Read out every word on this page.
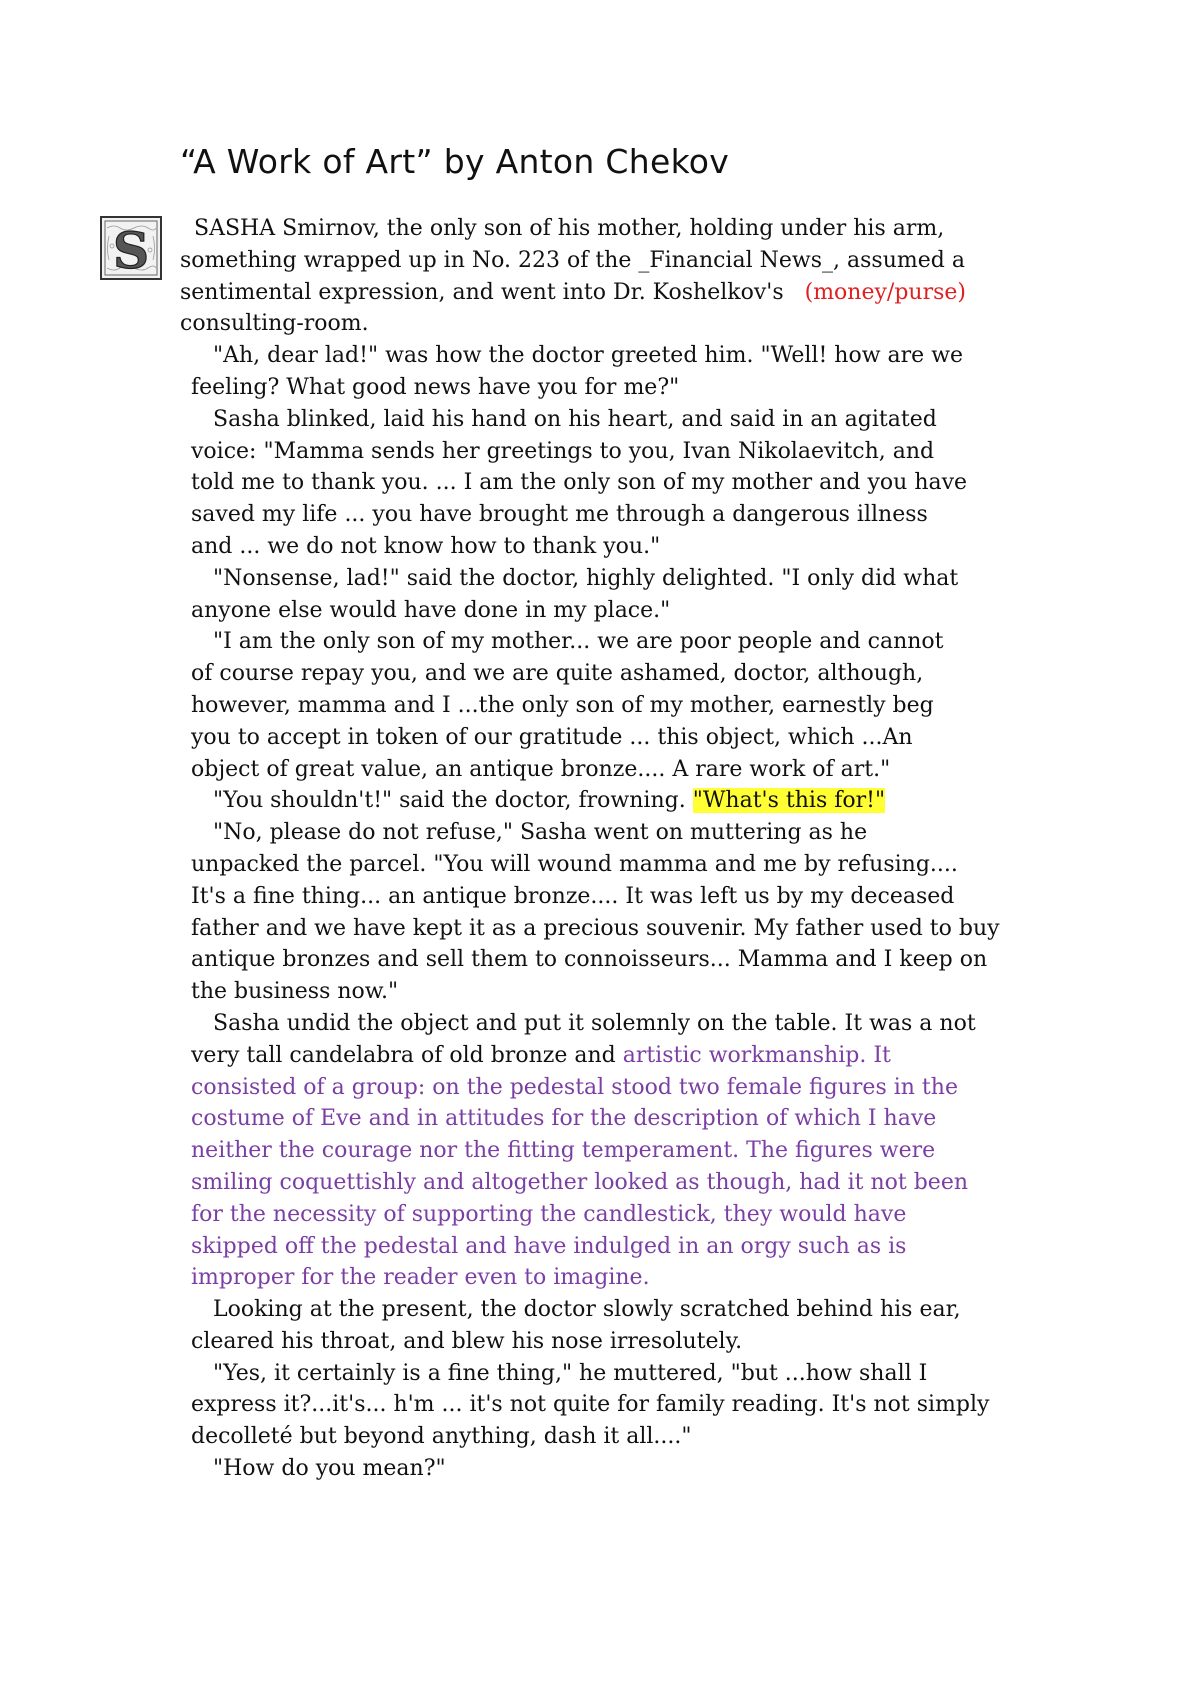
“A Work of Art” by Anton Chekov
S SASHA Smirnov, the only son of his mother, holding under his arm,
something wrapped up in No. 223 of the _Financial News_, assumed a
sentimental expression, and went into Dr. Koshelkov's (money/purse)
consulting-room.
"Ah, dear lad!" was how the doctor greeted him. "Well! how are we
feeling? What good news have you for me?"
Sasha blinked, laid his hand on his heart, and said in an agitated
voice: "Mamma sends her greetings to you, Ivan Nikolaevitch, and
told me to thank you. ... I am the only son of my mother and you have
saved my life ... you have brought me through a dangerous illness
and ... we do not know how to thank you."
"Nonsense, lad!" said the doctor, highly delighted. "I only did what
anyone else would have done in my place."
"I am the only son of my mother... we are poor people and cannot
of course repay you, and we are quite ashamed, doctor, although,
however, mamma and I ...the only son of my mother, earnestly beg
you to accept in token of our gratitude ... this object, which ...An
object of great value, an antique bronze.... A rare work of art."
"You shouldn't!" said the doctor, frowning. "What's this for!"
"No, please do not refuse," Sasha went on muttering as he
unpacked the parcel. "You will wound mamma and me by refusing....
It's a fine thing... an antique bronze.... It was left us by my deceased
father and we have kept it as a precious souvenir. My father used to buy
antique bronzes and sell them to connoisseurs... Mamma and I keep on
the business now."
Sasha undid the object and put it solemnly on the table. It was a not
very tall candelabra of old bronze and artistic workmanship. It
consisted of a group: on the pedestal stood two female figures in the
costume of Eve and in attitudes for the description of which I have
neither the courage nor the fitting temperament. The figures were
smiling coquettishly and altogether looked as though, had it not been
for the necessity of supporting the candlestick, they would have
skipped off the pedestal and have indulged in an orgy such as is
improper for the reader even to imagine.
Looking at the present, the doctor slowly scratched behind his ear,
cleared his throat, and blew his nose irresolutely.
"Yes, it certainly is a fine thing," he muttered, "but ...how shall I
express it?...it's... h'm ... it's not quite for family reading. It's not simply
decolleté but beyond anything, dash it all...."
"How do you mean?"
